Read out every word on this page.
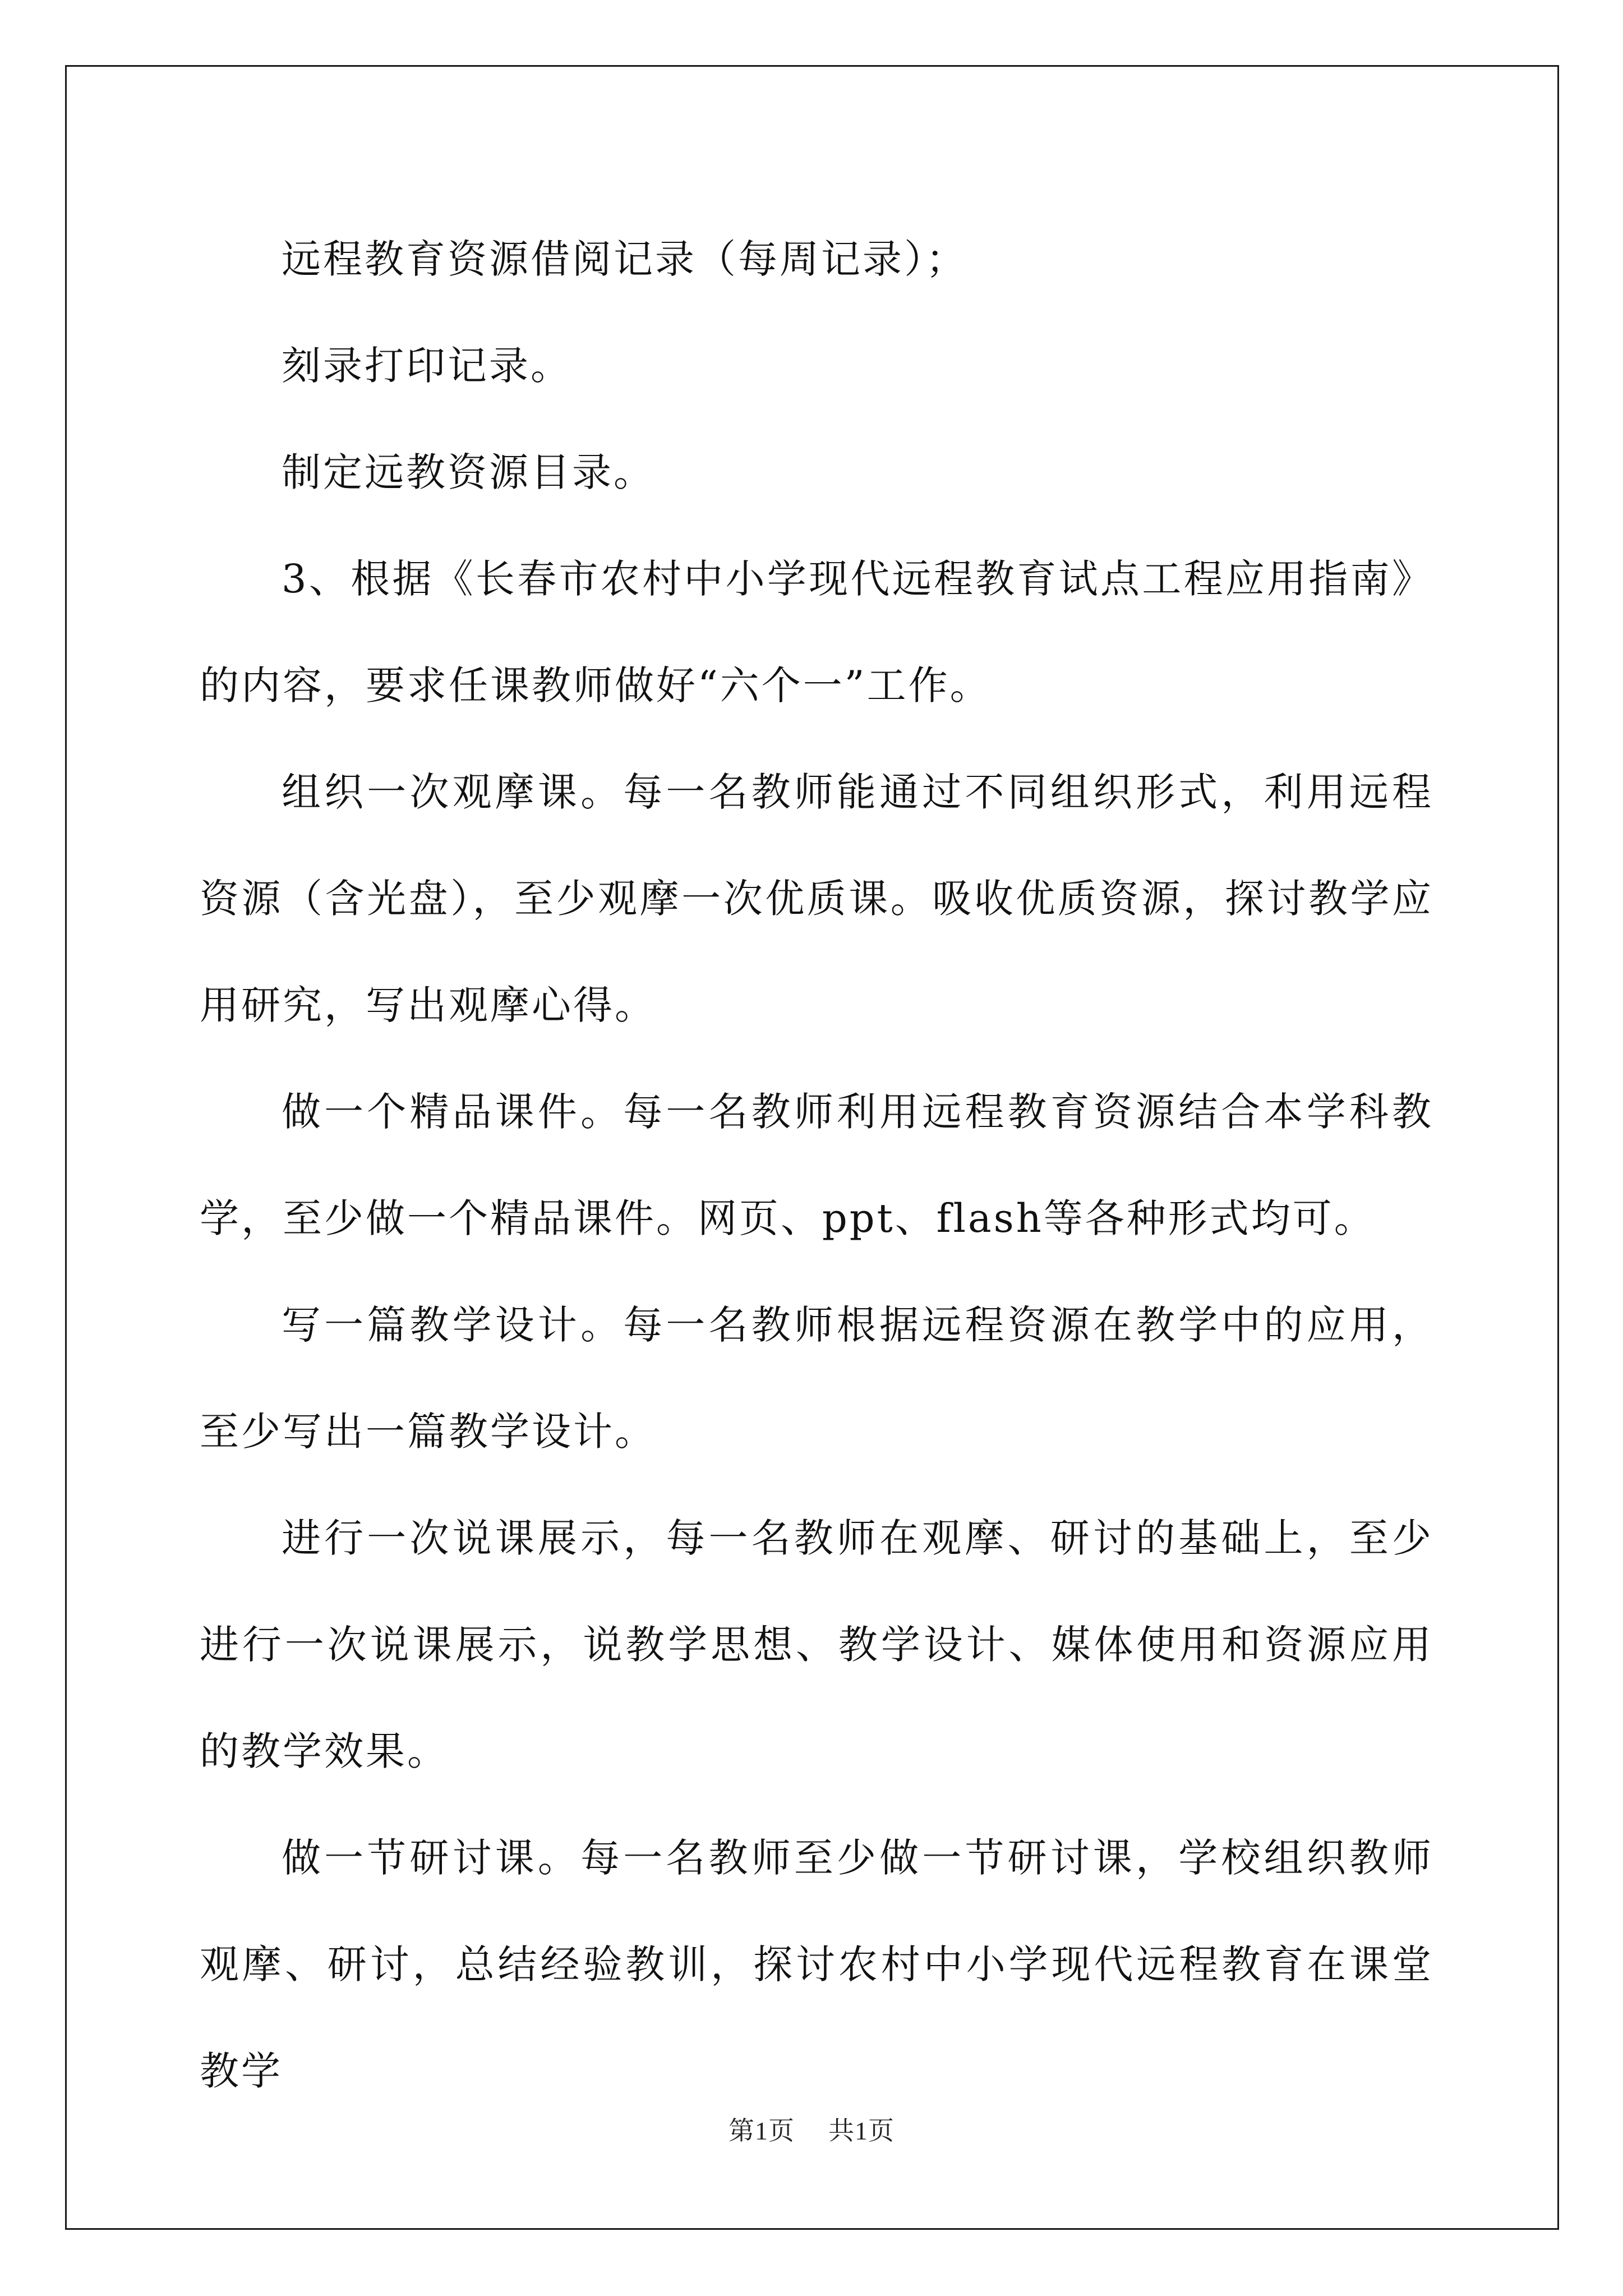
远程教育资源借阅记录（每周记录）；

刻录打印记录。

制定远教资源目录。

3、根据《长春市农村中小学现代远程教育试点工程应用指南》的内容，要求任课教师做好“六个一”工作。

组织一次观摩课。每一名教师能通过不同组织形式，利用远程资源（含光盘），至少观摩一次优质课。吸收优质资源，探讨教学应用研究，写出观摩心得。

做一个精品课件。每一名教师利用远程教育资源结合本学科教学，至少做一个精品课件。网页、ppt、flash等各种形式均可。

写一篇教学设计。每一名教师根据远程资源在教学中的应用，至少写出一篇教学设计。

进行一次说课展示，每一名教师在观摩、研讨的基础上，至少进行一次说课展示，说教学思想、教学设计、媒体使用和资源应用的教学效果。

做一节研讨课。每一名教师至少做一节研讨课，学校组织教师观摩、研讨，总结经验教训，探讨农村中小学现代远程教育在课堂教学

第1页 共1页
